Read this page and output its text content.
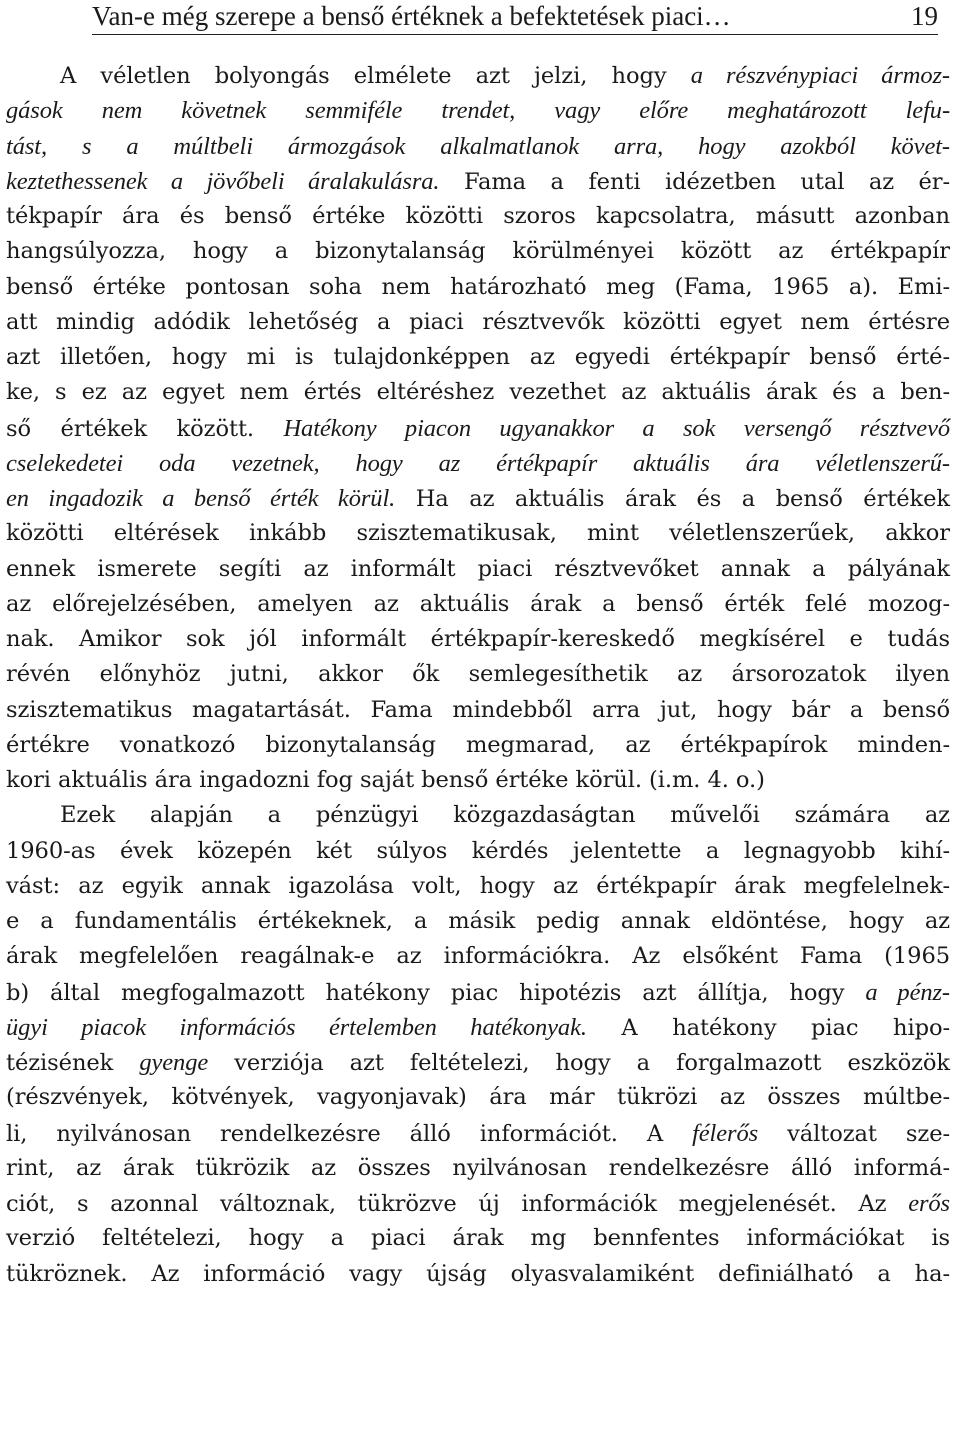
Van-e még szerepe a benső értéknek a befektetések piaci…	19
A véletlen bolyongás elmélete azt jelzi, hogy a részvénypiaci ármoz-
gások nem követnek semmiféle trendet, vagy előre meghatározott lefu-
tást, s a múltbeli ármozgások alkalmatlanok arra, hogy azokból követ-
keztethessenek a jövőbeli áralakulásra. Fama a fenti idézetben utal az ér-
tékpapír ára és benső értéke közötti szoros kapcsolatra, másutt azonban
hangsúlyozza, hogy a bizonytalanság körülményei között az értékpapír
benső értéke pontosan soha nem határozható meg (Fama, 1965 a). Emi-
att mindig adódik lehetőség a piaci résztvevők közötti egyet nem értésre
azt illetően, hogy mi is tulajdonképpen az egyedi értékpapír benső érté-
ke, s ez az egyet nem értés eltéréshez vezethet az aktuális árak és a ben-
ső értékek között. Hatékony piacon ugyanakkor a sok versengő résztvevő
cselekedetei oda vezetnek, hogy az értékpapír aktuális ára véletlenszerű-
en ingadozik a benső érték körül. Ha az aktuális árak és a benső értékek
közötti eltérések inkább szisztematikusak, mint véletlenszerűek, akkor
ennek ismerete segíti az informált piaci résztvevőket annak a pályának
az előrejelzésében, amelyen az aktuális árak a benső érték felé mozog-
nak. Amikor sok jól informált értékpapír-kereskedő megkísérel e tudás
révén előnyhöz jutni, akkor ők semlegesíthetik az ársorozatok ilyen
szisztematikus magatartását. Fama mindebből arra jut, hogy bár a benső
értékre vonatkozó bizonytalanság megmarad, az értékpapírok minden-
kori aktuális ára ingadozni fog saját benső értéke körül. (i.m. 4. o.)
Ezek alapján a pénzügyi közgazdaságtan művelői számára az
1960-as évek közepén két súlyos kérdés jelentette a legnagyobb kihí-
vást: az egyik annak igazolása volt, hogy az értékpapír árak megfelelnek-
e a fundamentális értékeknek, a másik pedig annak eldöntése, hogy az
árak megfelelően reagálnak-e az információkra. Az elsőként Fama (1965
b) által megfogalmazott hatékony piac hipotézis azt állítja, hogy a pénz-
ügyi piacok információs értelemben hatékonyak. A hatékony piac hipo-
tézisének gyenge verziója azt feltételezi, hogy a forgalmazott eszközök
(részvények, kötvények, vagyonjavak) ára már tükrözi az összes múltbe-
li, nyilvánosan rendelkezésre álló információt. A félerős változat sze-
rint, az árak tükrözik az összes nyilvánosan rendelkezésre álló informá-
ciót, s azonnal változnak, tükrözve új információk megjelenését. Az erős
verzió feltételezi, hogy a piaci árak mg bennfentes információkat is
tükröznek. Az információ vagy újság olyasvalamiként definiálható a ha-
